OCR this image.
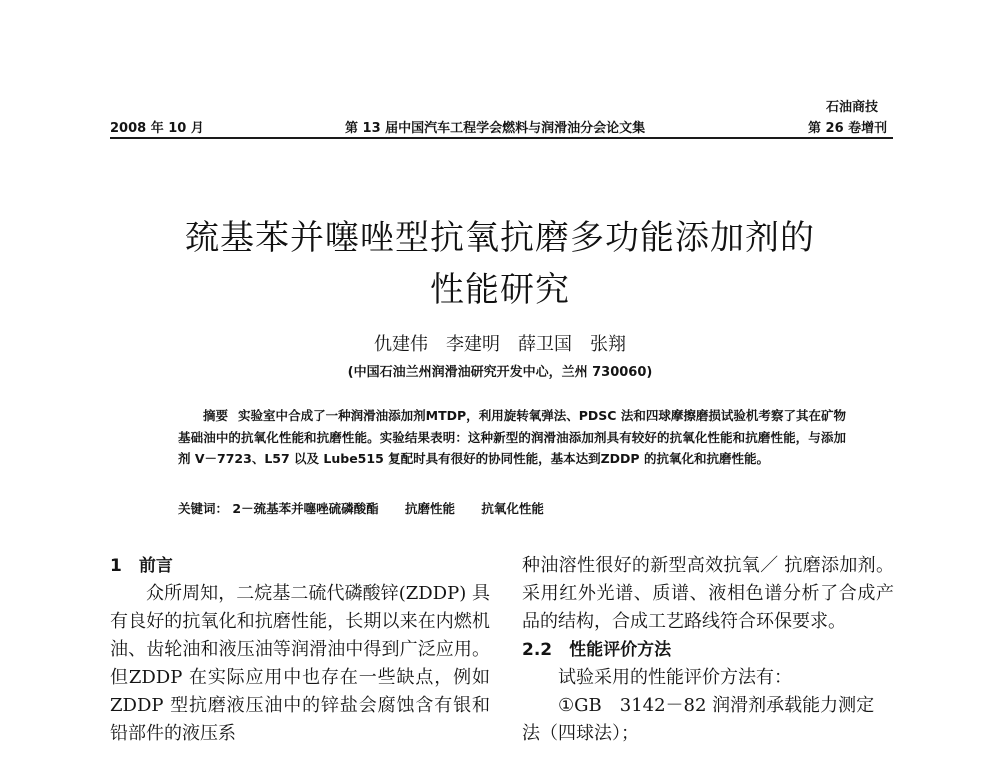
2008 年 10 月	第 13 届中国汽车工程学会燃料与润滑油分会论文集
石油商技
第 26 卷增刊
巯基苯并噻唑型抗氧抗磨多功能添加剂的
性能研究
仇建伟　李建明　薛卫国　张翔
(中国石油兰州润滑油研究开发中心，兰州 730060)
摘要 实验室中合成了一种润滑油添加剂MTDP，利用旋转氧弹法、PDSC 法和四球摩擦磨损试验机考察了其在矿物基础油中的抗氧化性能和抗磨性能。实验结果表明：这种新型的润滑油添加剂具有较好的抗氧化性能和抗磨性能，与添加剂 V－7723、L57 以及 Lube515 复配时具有很好的协同性能，基本达到ZDDP 的抗氧化和抗磨性能。
关键词： 2－巯基苯并噻唑硫磷酸酯 抗磨性能 抗氧化性能
1　前言

众所周知，二烷基二硫代磷酸锌(ZDDP) 具有良好的抗氧化和抗磨性能，长期以来在内燃机油、齿轮油和液压油等润滑油中得到广泛应用。但ZDDP 在实际应用中也存在一些缺点，例如ZDDP 型抗磨液压油中的锌盐会腐蚀含有银和铅部件的液压系

种油溶性很好的新型高效抗氧／ 抗磨添加剂。采用红外光谱、质谱、液相色谱分析了合成产品的结构，合成工艺路线符合环保要求。

2.2　性能评价方法
试验采用的性能评价方法有：
①GB　3142－82 润滑剂承载能力测定
法（四球法）；
